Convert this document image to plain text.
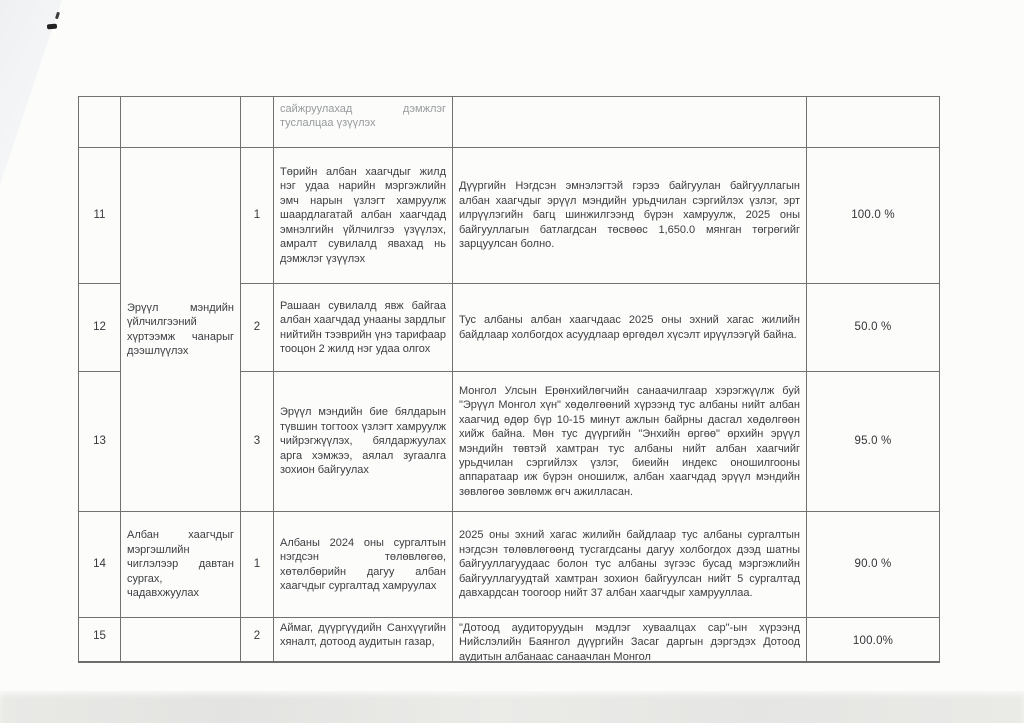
			сайжруулахад дэмжлэг туслалцаа үзүүлэх		
11	Эрүүл мэндийн үйлчилгээний хүртээмж чанарыг дээшлүүлэх	1	Төрийн албан хаагчдыг жилд нэг удаа нарийн мэргэжлийн эмч нарын үзлэгт хамруулж шаардлагатай албан хаагчдад эмнэлгийн үйлчилгээ үзүүлэх, амралт сувилалд явахад нь дэмжлэг үзүүлэх	Дүүргийн Нэгдсэн эмнэлэгтэй гэрээ байгуулан байгууллагын албан хаагчдыг эрүүл мэндийн урьдчилан сэргийлэх үзлэг, эрт илрүүлэгийн багц шинжилгээнд бүрэн хамруулж, 2025 оны байгууллагын батлагдсан төсвөөс 1,650.0 мянган төгрөгийг зарцуулсан болно.	100.0 %
12		2	Рашаан сувилалд явж байгаа албан хаагчдад унааны зардлыг нийтийн тээврийн үнэ тарифаар тооцон 2 жилд нэг удаа олгох	Тус албаны албан хаагчдаас 2025 оны эхний хагас жилийн байдлаар холбогдох асуудлаар өргөдөл хүсэлт ирүүлээгүй байна.	50.0 %
13		3	Эрүүл мэндийн бие бялдарын түвшин тогтоох үзлэгт хамруулж чийрэгжүүлэх, бялдаржуулах арга хэмжээ, аялал зугаалга зохион байгуулах	Монгол Улсын Ерөнхийлөгчийн санаачилгаар хэрэгжүүлж буй "Эрүүл Монгол хүн" хөдөлгөөний хүрээнд тус албаны нийт албан хаагчид өдөр бүр 10-15 минут ажлын байрны дасгал хөдөлгөөн хийж байна. Мөн тус дүүргийн "Энхийн өргөө" өрхийн эрүүл мэндийн төвтэй хамтран тус албаны нийт албан хаагчийг урьдчилан сэргийлэх үзлэг, биеийн индекс оношилгооны аппаратаар иж бүрэн оношилж, албан хаагчдад эрүүл мэндийн зөвлөгөө зөвлөмж өгч ажилласан.	95.0 %
14	Албан хаагчдыг мэргэшлийн чиглэлээр давтан сургах, чадавхжуулах	1	Албаны 2024 оны сургалтын нэгдсэн төлөвлөгөө, хөтөлбөрийн дагуу албан хаагчдыг сургалтад хамруулах	2025 оны эхний хагас жилийн байдлаар тус албаны сургалтын нэгдсэн төлөвлөгөөнд тусгагдсаны дагуу холбогдох дээд шатны байгууллагуудаас болон тус албаны зүгээс бусад мэргэжлийн байгууллагуудтай хамтран зохион байгуулсан нийт 5 сургалтад давхардсан тоогоор нийт 37 албан хаагчдыг хамрууллаа.	90.0 %
15		2	Аймаг, дүүргүүдийн Санхүүгийн хяналт, дотоод аудитын газар,	"Дотоод аудиторуудын мэдлэг хуваалцах сар"-ын хүрээнд Нийслэлийн Баянгол дүүргийн Засаг даргын дэргэдэх Дотоод аудитын албанаас санаачлан Монгол	100.0%
